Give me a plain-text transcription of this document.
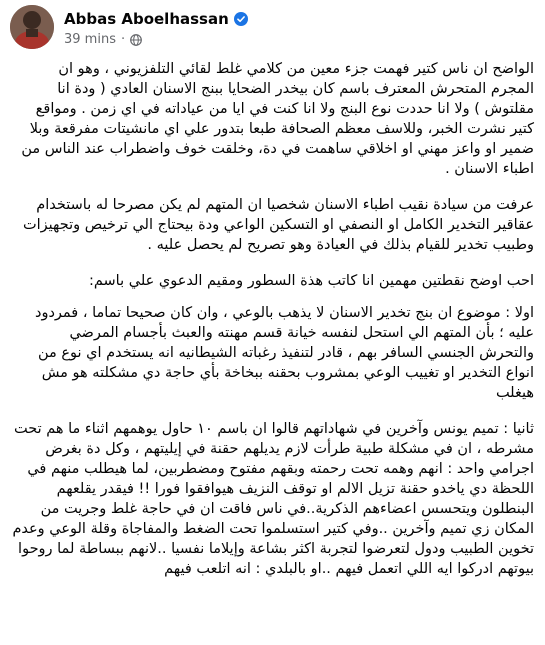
Abbas Aboelhassan
39 mins ·

الواضح ان ناس كتير فهمت جزء معين من كلامي غلط لقائي التلفزيوني ، وهو ان المجرم المتحرش المعترف باسم كان بيخدر الضحايا ببنج الاسنان العادي ( ودة انا مقلتوش ) ولا انا حددت نوع البنج ولا انا كنت في ايا من عياداته في اي زمن . ومواقع كتير نشرت الخبر، وللاسف معظم الصحافة طبعا بتدور علي اي مانشيتات مفرقعة وبلا ضمير او واعز مهني او اخلاقي ساهمت في دة، وخلقت خوف واضطراب عند الناس من اطباء الاسنان .

عرفت من سيادة نقيب اطباء الاسنان شخصيا ان المتهم لم يكن مصرحا له باستخدام عقاقير التخدير الكامل او النصفي او التسكين الواعي ودة بيحتاج الي ترخيص وتجهيزات وطبيب تخدير للقيام بذلك في العيادة وهو تصريح لم يحصل عليه .

احب اوضح نقطتين مهمين انا كاتب هذة السطور ومقيم الدعوي علي باسم:

اولا : موضوع ان بنج تخدير الاسنان لا يذهب بالوعي ، وان كان صحيحا تماما ، فمردود عليه ؛ بأن المتهم الي استحل لنفسه خيانة قسم مهنته والعبث بأجسام المرضي والتحرش الجنسي السافر بهم ، قادر لتنفيذ رغباته الشيطانيه انه يستخدم اي نوع من انواع التخدير او تغييب الوعي بمشروب بحقنه ببخاخة بأي حاجة دي مشكلته هو مش هيغلب

ثانيا : تميم يونس وآخرين في شهاداتهم قالوا ان باسم ١٠ حاول يوهمهم اثناء ما هم تحت مشرطه ، ان في مشكلة طبية طرأت لازم يديلهم حقنة في إيليتهم ، وكل دة بغرض اجرامي واحد : انهم وهمه تحت رحمته وبقهم مفتوح ومضطربين، لما هيطلب منهم في اللحظة دي ياخدو حقنة تزيل الالم او توقف النزيف هيوافقوا فورا !! فيقدر يقلعهم البنطلون ويتحسس اعضاءهم الذكرية..في ناس فاقت ان في حاجة غلط وجريت من المكان زي تميم وآخرين ..وفي كتير استسلموا تحت الضغط والمفاجاة وقلة الوعي وعدم تخوين الطبيب ودول لتعرضوا لتجربة اكثر بشاعة وإيلاما نفسيا ..لانهم ببساطة لما روحوا بيوتهم ادركوا ايه اللي اتعمل فيهم ..او بالبلدي : انه اتلعب فيهم
